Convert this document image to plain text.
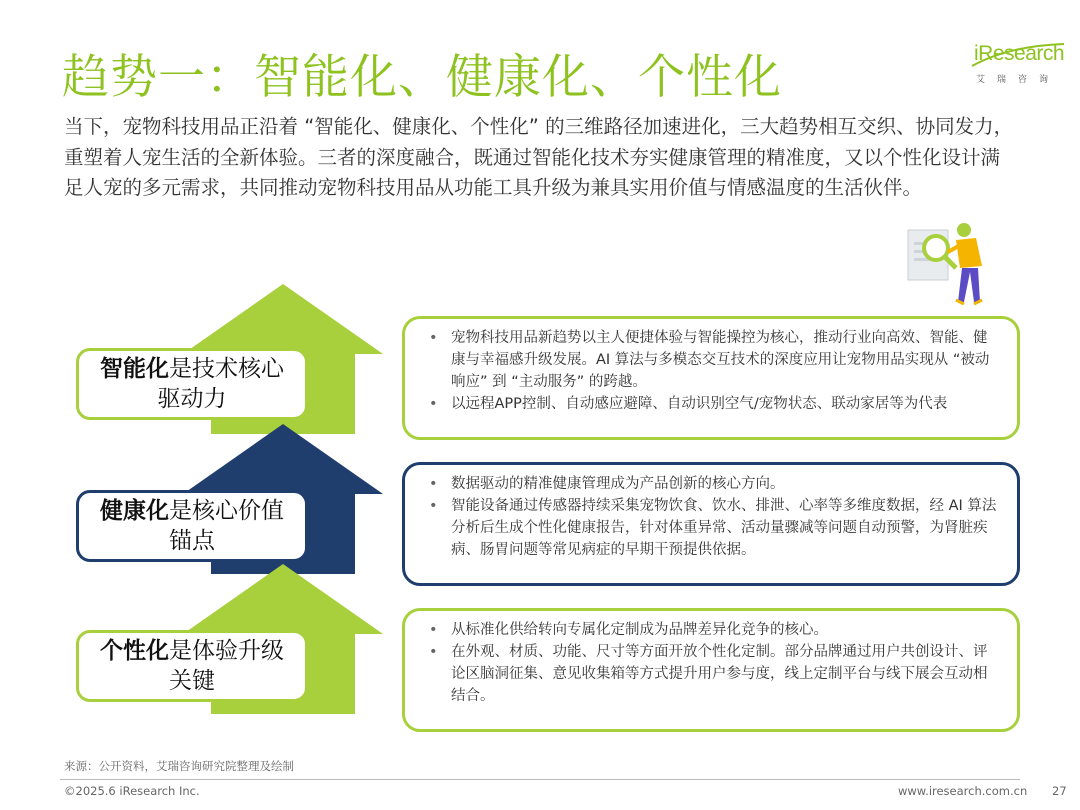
趋势一：智能化、健康化、个性化	iResearch
艾瑞咨询

当下，宠物科技用品正沿着 “智能化、健康化、个性化” 的三维路径加速进化，三大趋势相互交织、协同发力，重塑着人宠生活的全新体验。三者的深度融合，既通过智能化技术夯实健康管理的精准度，又以个性化设计满足人宠的多元需求，共同推动宠物科技用品从功能工具升级为兼具实用价值与情感温度的生活伙伴。

智能化是技术核心
驱动力
健康化是核心价值
锚点
个性化是体验升级
关键
• 宠物科技用品新趋势以主人便捷体验与智能操控为核心，推动行业向高效、智能、健康与幸福感升级发展。AI 算法与多模态交互技术的深度应用让宠物用品实现从 “被动响应” 到 “主动服务” 的跨越。
• 以远程APP控制、自动感应避障、自动识别空气/宠物状态、联动家居等为代表
• 数据驱动的精准健康管理成为产品创新的核心方向。
• 智能设备通过传感器持续采集宠物饮食、饮水、排泄、心率等多维度数据，经 AI 算法分析后生成个性化健康报告，针对体重异常、活动量骤减等问题自动预警，为肾脏疾病、肠胃问题等常见病症的早期干预提供依据。
• 从标准化供给转向专属化定制成为品牌差异化竞争的核心。
• 在外观、材质、功能、尺寸等方面开放个性化定制。部分品牌通过用户共创设计、评论区脑洞征集、意见收集箱等方式提升用户参与度，线上定制平台与线下展会互动相结合。
来源：公开资料，艾瑞咨询研究院整理及绘制
©2025.6 iResearch Inc.	www.iresearch.com.cn 27
